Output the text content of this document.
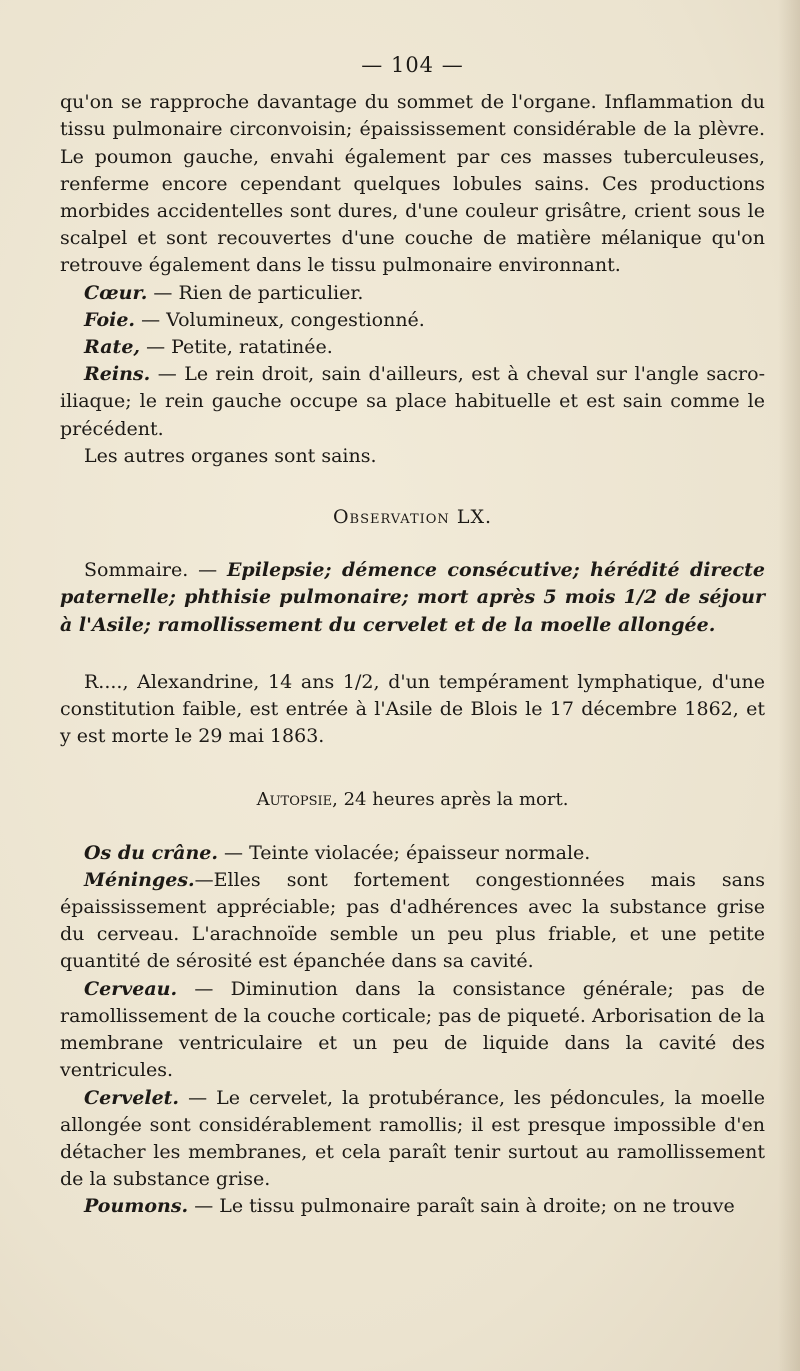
— 104 —

qu'on se rapproche davantage du sommet de l'organe. Inflammation du tissu pulmonaire circonvoisin; épaississement considérable de la plèvre. Le poumon gauche, envahi également par ces masses tuberculeuses, renferme encore cependant quelques lobules sains. Ces productions morbides accidentelles sont dures, d'une couleur grisâtre, crient sous le scalpel et sont recouvertes d'une couche de matière mélanique qu'on retrouve également dans le tissu pulmonaire environnant.

Cœur. — Rien de particulier.

Foie. — Volumineux, congestionné.

Rate, — Petite, ratatinée.

Reins. — Le rein droit, sain d'ailleurs, est à cheval sur l'angle sacro-iliaque; le rein gauche occupe sa place habituelle et est sain comme le précédent.

Les autres organes sont sains.

Observation LX.

Sommaire. — Epilepsie; démence consécutive; hérédité directe paternelle; phthisie pulmonaire; mort après 5 mois 1/2 de séjour à l'Asile; ramollissement du cervelet et de la moelle allongée.

R...., Alexandrine, 14 ans 1/2, d'un tempérament lymphatique, d'une constitution faible, est entrée à l'Asile de Blois le 17 décembre 1862, et y est morte le 29 mai 1863.

Autopsie, 24 heures après la mort.

Os du crâne. — Teinte violacée; épaisseur normale.

Méninges.—Elles sont fortement congestionnées mais sans épaississement appréciable; pas d'adhérences avec la substance grise du cerveau. L'arachnoïde semble un peu plus friable, et une petite quantité de sérosité est épanchée dans sa cavité.

Cerveau. — Diminution dans la consistance générale; pas de ramollissement de la couche corticale; pas de piqueté. Arborisation de la membrane ventriculaire et un peu de liquide dans la cavité des ventricules.

Cervelet. — Le cervelet, la protubérance, les pédoncules, la moelle allongée sont considérablement ramollis; il est presque impossible d'en détacher les membranes, et cela paraît tenir surtout au ramollissement de la substance grise.

Poumons. — Le tissu pulmonaire paraît sain à droite; on ne trouve
